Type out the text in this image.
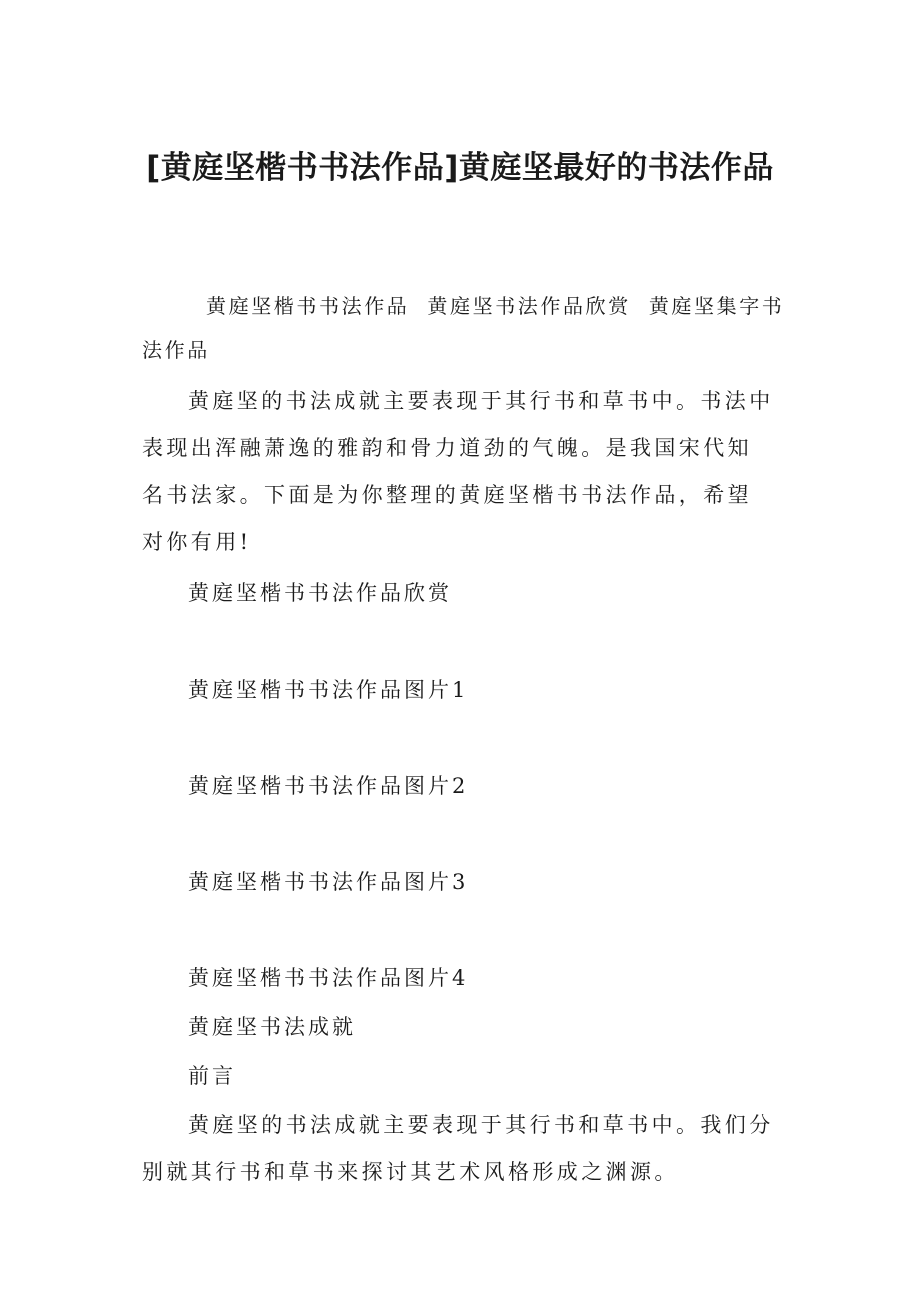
[黄庭坚楷书书法作品]黄庭坚最好的书法作品

黄庭坚楷书书法作品 黄庭坚书法作品欣赏 黄庭坚集字书法作品

黄庭坚的书法成就主要表现于其行书和草书中。书法中表现出浑融萧逸的雅韵和骨力道劲的气魄。是我国宋代知名书法家。下面是为你整理的黄庭坚楷书书法作品，希望对你有用!

黄庭坚楷书书法作品欣赏

黄庭坚楷书书法作品图片1

黄庭坚楷书书法作品图片2

黄庭坚楷书书法作品图片3

黄庭坚楷书书法作品图片4

黄庭坚书法成就

前言

黄庭坚的书法成就主要表现于其行书和草书中。我们分别就其行书和草书来探讨其艺术风格形成之渊源。
